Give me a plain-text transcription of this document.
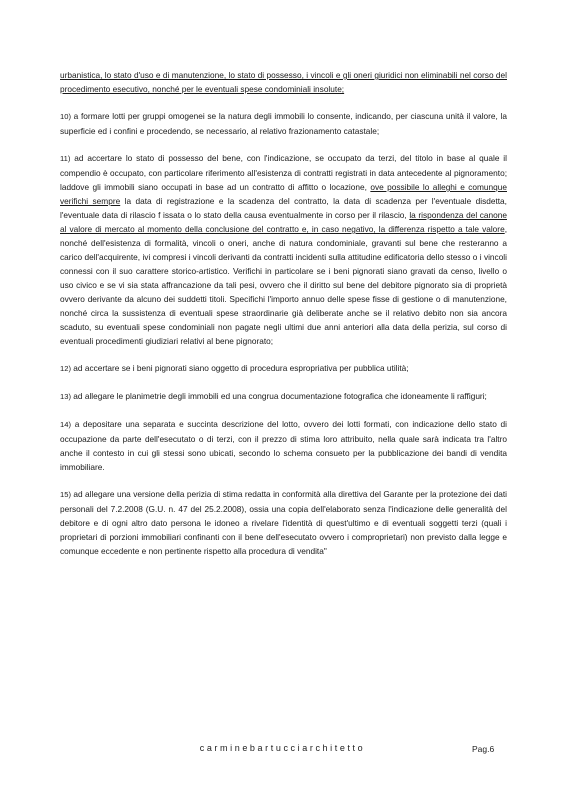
urbanistica, lo stato d'uso e di manutenzione, lo stato di possesso, i vincoli e gli oneri giuridici non eliminabili nel corso del procedimento esecutivo, nonché per le eventuali spese condominiali insolute;

10) a formare lotti per gruppi omogenei se la natura degli immobili lo consente, indicando, per ciascuna unità il valore, la superficie ed i confini e procedendo, se necessario, al relativo frazionamento catastale;

11) ad accertare lo stato di possesso del bene, con l'indicazione, se occupato da terzi, del titolo in base al quale il compendio è occupato, con particolare riferimento all'esistenza di contratti registrati in data antecedente al pignoramento; laddove gli immobili siano occupati in base ad un contratto di affitto o locazione, ove possibile lo alleghi e comunque verifichi sempre la data di registrazione e la scadenza del contratto, la data di scadenza per l'eventuale disdetta, l'eventuale data di rilascio f issata o lo stato della causa eventualmente in corso per il rilascio, la rispondenza del canone al valore di mercato al momento della conclusione del contratto e, in caso negativo, la differenza rispetto a tale valore, nonché dell'esistenza di formalità, vincoli o oneri, anche di natura condominiale, gravanti sul bene che resteranno a carico dell'acquirente, ivi compresi i vincoli derivanti da contratti incidenti sulla attitudine edificatoria dello stesso o i vincoli connessi con il suo carattere storico-artistico. Verifichi in particolare se i beni pignorati siano gravati da censo, livello o uso civico e se vi sia stata affrancazione da tali pesi, ovvero che il diritto sul bene del debitore pignorato sia di proprietà ovvero derivante da alcuno dei suddetti titoli. Specifichi l'importo annuo delle spese fisse di gestione o di manutenzione, nonché circa la sussistenza di eventuali spese straordinarie già deliberate anche se il relativo debito non sia ancora scaduto, su eventuali spese condominiali non pagate negli ultimi due anni anteriori alla data della perizia, sul corso di eventuali procedimenti giudiziari relativi al bene pignorato;

12) ad accertare se i beni pignorati siano oggetto di procedura espropriativa per pubblica utilità;

13) ad allegare le planimetrie degli immobili ed una congrua documentazione fotografica che idoneamente li raffiguri;

14) a depositare una separata e succinta descrizione del lotto, ovvero dei lotti formati, con indicazione dello stato di occupazione da parte dell'esecutato o di terzi, con il prezzo di stima loro attribuito, nella quale sarà indicata tra l'altro anche il contesto in cui gli stessi sono ubicati, secondo lo schema consueto per la pubblicazione dei bandi di vendita immobiliare.

15) ad allegare una versione della perizia di stima redatta in conformità alla direttiva del Garante per la protezione dei dati personali del 7.2.2008 (G.U. n. 47 del 25.2.2008), ossia una copia dell'elaborato senza l'indicazione delle generalità del debitore e di ogni altro dato persona le idoneo a rivelare l'identità di quest'ultimo e di eventuali soggetti terzi (quali i proprietari di porzioni immobiliari confinanti con il bene dell'esecutato ovvero i comproprietari) non previsto dalla legge e comunque eccedente e non pertinente rispetto alla procedura di vendita"

carminebartucciarchitetto	Pag.6
